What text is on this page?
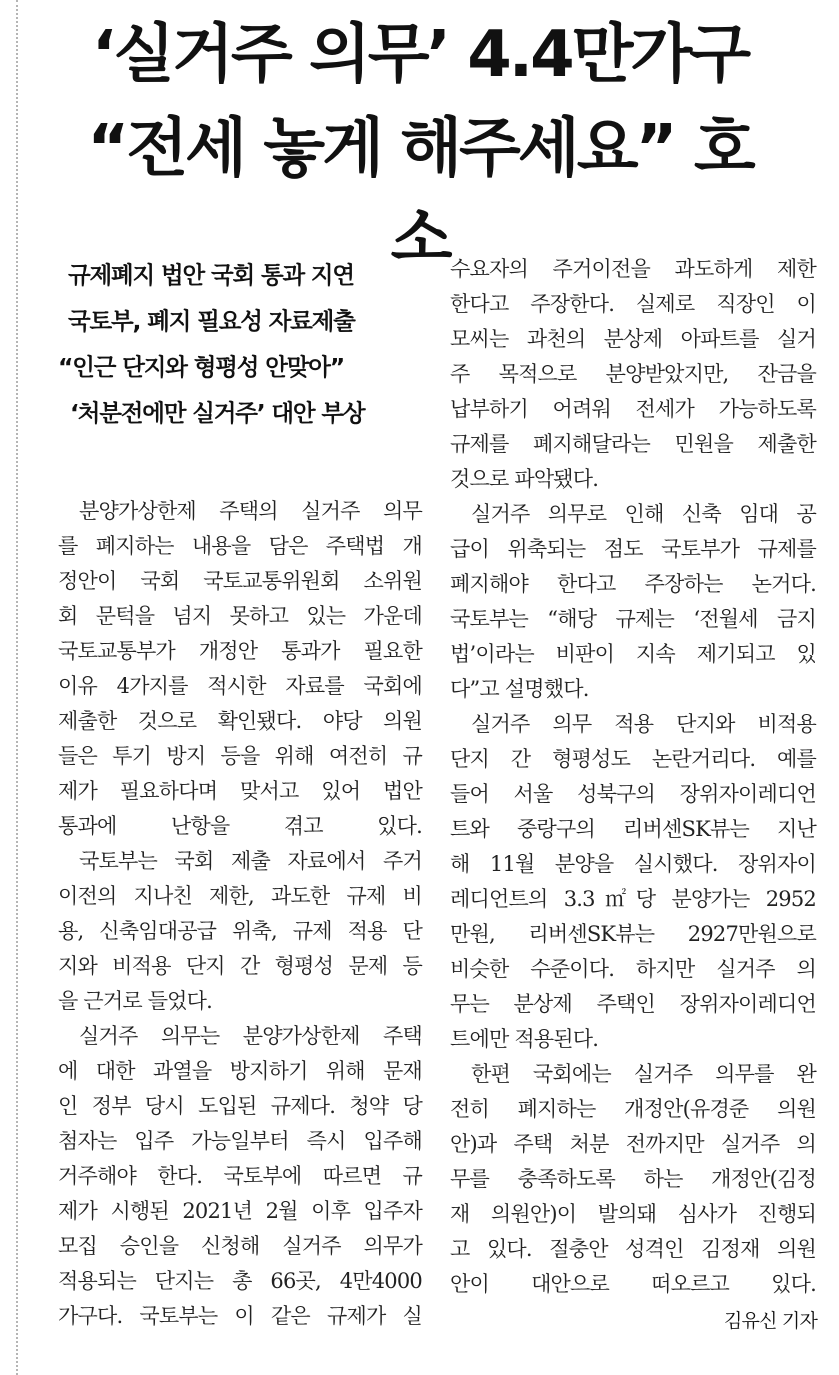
‘실거주 의무’ 4.4만가구
“전세 놓게 해주세요” 호소
규제폐지 법안 국회 통과 지연
국토부, 폐지 필요성 자료제출
“인근 단지와 형평성 안맞아”
‘처분전에만 실거주’ 대안 부상

분양가상한제 주택의 실거주 의무

를 폐지하는 내용을 담은 주택법 개

정안이 국회 국토교통위원회 소위원

회 문턱을 넘지 못하고 있는 가운데

국토교통부가 개정안 통과가 필요한

이유 4가지를 적시한 자료를 국회에

제출한 것으로 확인됐다. 야당 의원

들은 투기 방지 등을 위해 여전히 규

제가 필요하다며 맞서고 있어 법안

통과에 난항을 겪고 있다.

국토부는 국회 제출 자료에서 주거

이전의 지나친 제한, 과도한 규제 비

용, 신축임대공급 위축, 규제 적용 단

지와 비적용 단지 간 형평성 문제 등

을 근거로 들었다.

실거주 의무는 분양가상한제 주택

에 대한 과열을 방지하기 위해 문재

인 정부 당시 도입된 규제다. 청약 당

첨자는 입주 가능일부터 즉시 입주해

거주해야 한다. 국토부에 따르면 규

제가 시행된 2021년 2월 이후 입주자

모집 승인을 신청해 실거주 의무가

적용되는 단지는 총 66곳, 4만4000

가구다. 국토부는 이 같은 규제가 실

수요자의 주거이전을 과도하게 제한

한다고 주장한다. 실제로 직장인 이

모씨는 과천의 분상제 아파트를 실거

주 목적으로 분양받았지만, 잔금을

납부하기 어려워 전세가 가능하도록

규제를 폐지해달라는 민원을 제출한

것으로 파악됐다.

실거주 의무로 인해 신축 임대 공

급이 위축되는 점도 국토부가 규제를

폐지해야 한다고 주장하는 논거다.

국토부는 “해당 규제는 ‘전월세 금지

법’이라는 비판이 지속 제기되고 있

다”고 설명했다.

실거주 의무 적용 단지와 비적용

단지 간 형평성도 논란거리다. 예를

들어 서울 성북구의 장위자이레디언

트와 중랑구의 리버센SK뷰는 지난

해 11월 분양을 실시했다. 장위자이

레디언트의 3.3㎡당 분양가는 2952

만원, 리버센SK뷰는 2927만원으로

비슷한 수준이다. 하지만 실거주 의

무는 분상제 주택인 장위자이레디언

트에만 적용된다.

한편 국회에는 실거주 의무를 완

전히 폐지하는 개정안(유경준 의원

안)과 주택 처분 전까지만 실거주 의

무를 충족하도록 하는 개정안(김정

재 의원안)이 발의돼 심사가 진행되

고 있다. 절충안 성격인 김정재 의원

안이 대안으로 떠오르고 있다.

김유신 기자
